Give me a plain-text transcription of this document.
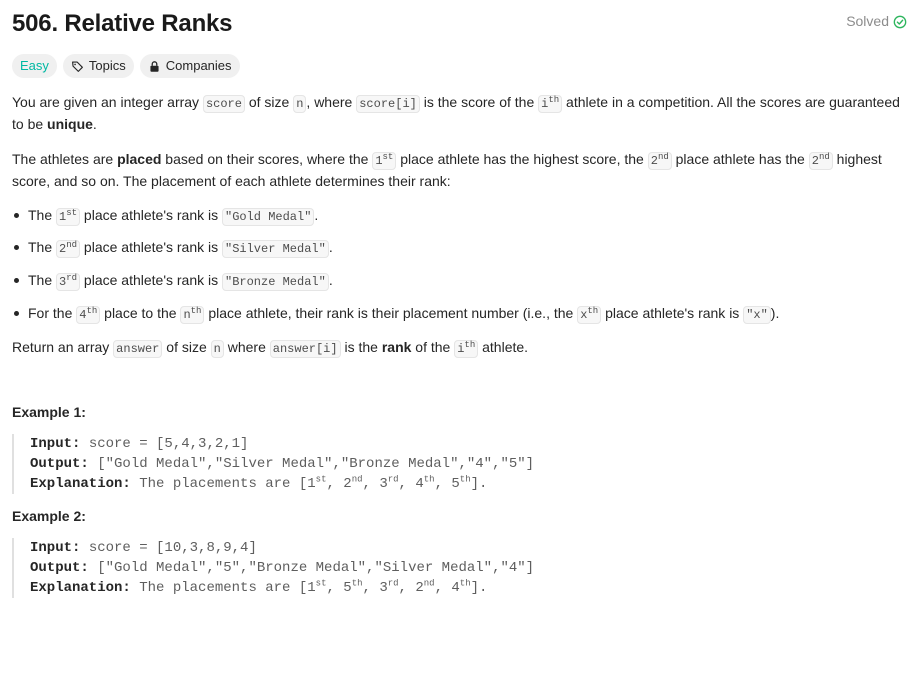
506. Relative Ranks	Solved
Easy	Topics	Companies

You are given an integer array score of size n , where score[i] is the score of the $i^{th}$ athlete in a competition. All the scores are guaranteed to be unique.

The athletes are placed based on their scores, where the 1st place athlete has the highest score, the 2nd place athlete has the 2nd highest score, and so on. The placement of each athlete determines their rank:

The 1st place athlete's rank is "Gold Medal" .
The 2nd place athlete's rank is "Silver Medal" .
The 3rd place athlete's rank is "Bronze Medal" .
For the 4th place to the $n^{th}$ place athlete, their rank is their placement number (i.e., the $x^{th}$ place athlete's rank is "x" ).

Return an array answer of size n where answer[i] is the rank of the $i^{th}$ athlete.

Example 1:
Input: score = [5,4,3,2,1]
Output: ["Gold Medal","Silver Medal","Bronze Medal","4","5"]
Explanation: The placements are [1st, 2nd, 3rd, 4th, 5th].
Example 2:
Input: score = [10,3,8,9,4]
Output: ["Gold Medal","5","Bronze Medal","Silver Medal","4"]
Explanation: The placements are [1st, 5th, 3rd, 2nd, 4th].
